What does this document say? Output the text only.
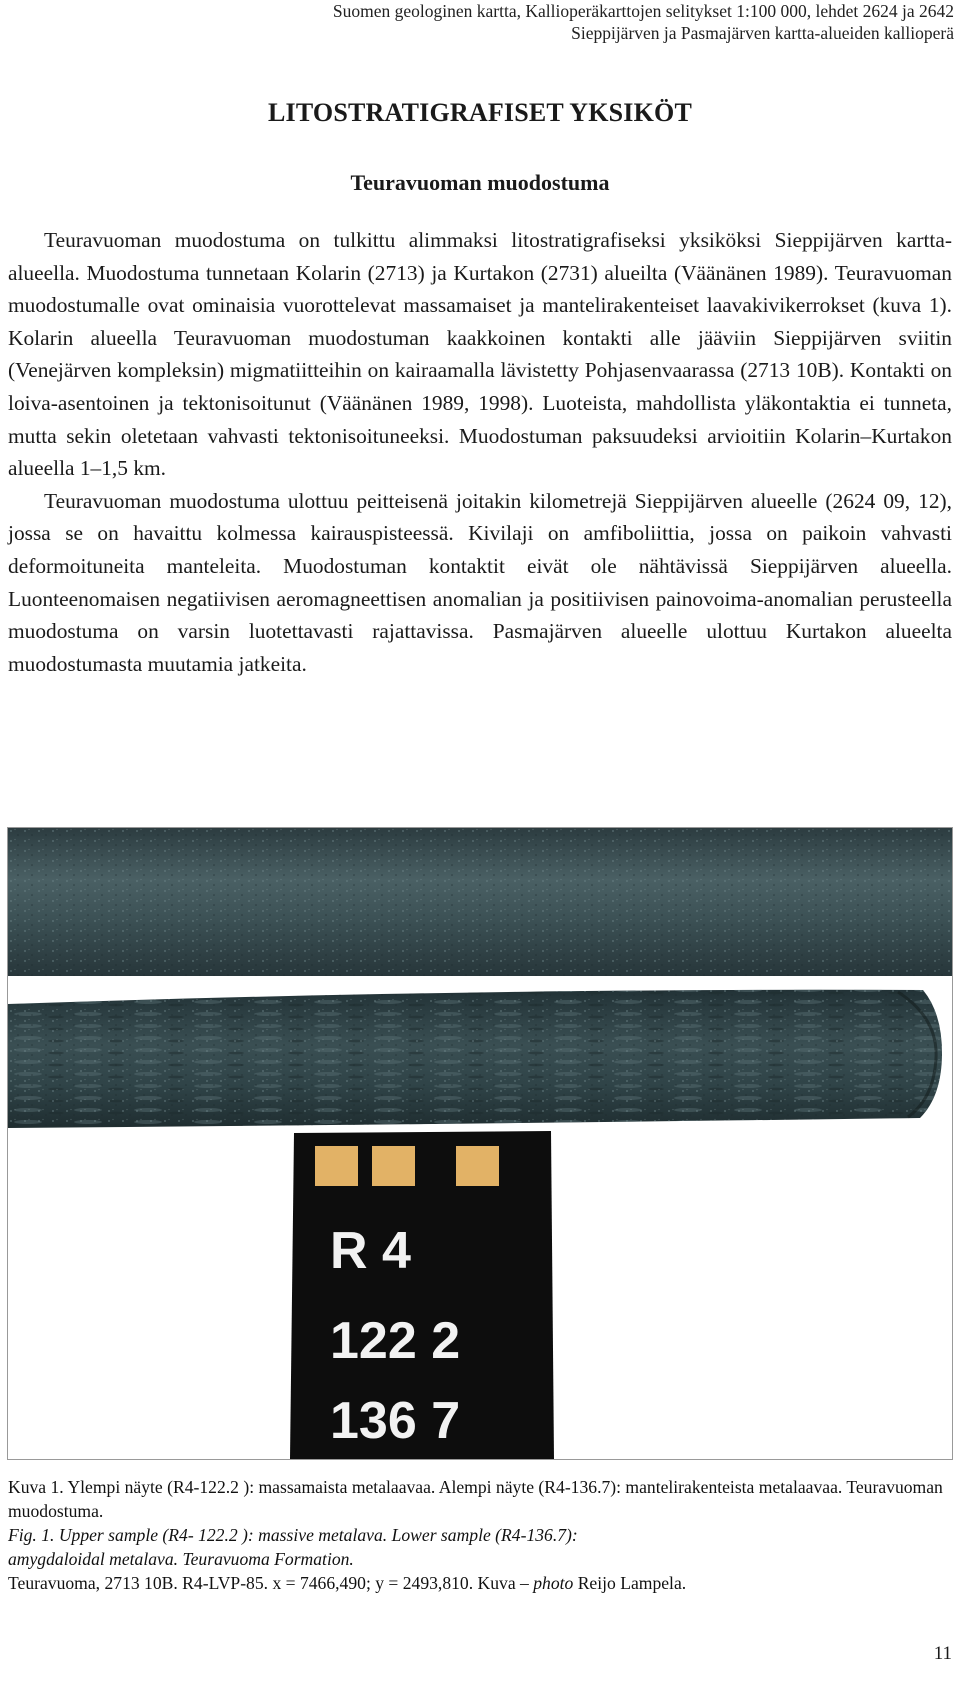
Suomen geologinen kartta, Kallioperäkarttojen selitykset 1:100 000, lehdet 2624 ja 2642
Sieppijärven ja Pasmajärven kartta-alueiden kallioperä
LITOSTRATIGRAFISET YKSIKÖT
Teuravuoman muodostuma

Teuravuoman muodostuma on tulkittu alimmaksi litostratigrafiseksi yksiköksi Sieppijärven kartta-alueella. Muodostuma tunnetaan Kolarin (2713) ja Kurtakon (2731) alueilta (Väänänen 1989). Teuravuoman muodostumalle ovat ominaisia vuorottelevat massamaiset ja mantelirakenteiset laavakivikerrokset (kuva 1). Kolarin alueella Teuravuoman muodostuman kaakkoinen kontakti alle jääviin Sieppijärven sviitin (Venejärven kompleksin) migmatiitteihin on kairaamalla lävistetty Pohjasenvaarassa (2713 10B). Kontakti on loiva-asentoinen ja tektonisoitunut (Väänänen 1989, 1998). Luoteista, mahdollista yläkontaktia ei tunneta, mutta sekin oletetaan vahvasti tektonisoituneeksi. Muodostuman paksuudeksi arvioitiin Kolarin–Kurtakon alueella 1–1,5 km.

Teuravuoman muodostuma ulottuu peitteisenä joitakin kilometrejä Sieppijärven alueelle (2624 09, 12), jossa se on havaittu kolmessa kairauspisteessä. Kivilaji on amfiboliittia, jossa on paikoin vahvasti deformoituneita manteleita. Muodostuman kontaktit eivät ole nähtävissä Sieppijärven alueella. Luonteenomaisen negatiivisen aeromagneettisen anomalian ja positiivisen painovoima-anomalian perusteella muodostuma on varsin luotettavasti rajattavissa. Pasmajärven alueelle ulottuu Kurtakon alueelta muodostumasta muutamia jatkeita.

R 4
122 2
136 7
Kuva 1. Ylempi näyte (R4-122.2 ): massamaista metalaavaa. Alempi näyte (R4-136.7): mantelirakenteista metalaavaa. Teuravuoman muodostuma.
Fig. 1. Upper sample (R4- 122.2 ): massive metalava. Lower sample (R4-136.7):
amygdaloidal metalava. Teuravuoma Formation.
Teuravuoma, 2713 10B. R4-LVP-85. x = 7466,490; y = 2493,810. Kuva – photo Reijo Lampela.
11
